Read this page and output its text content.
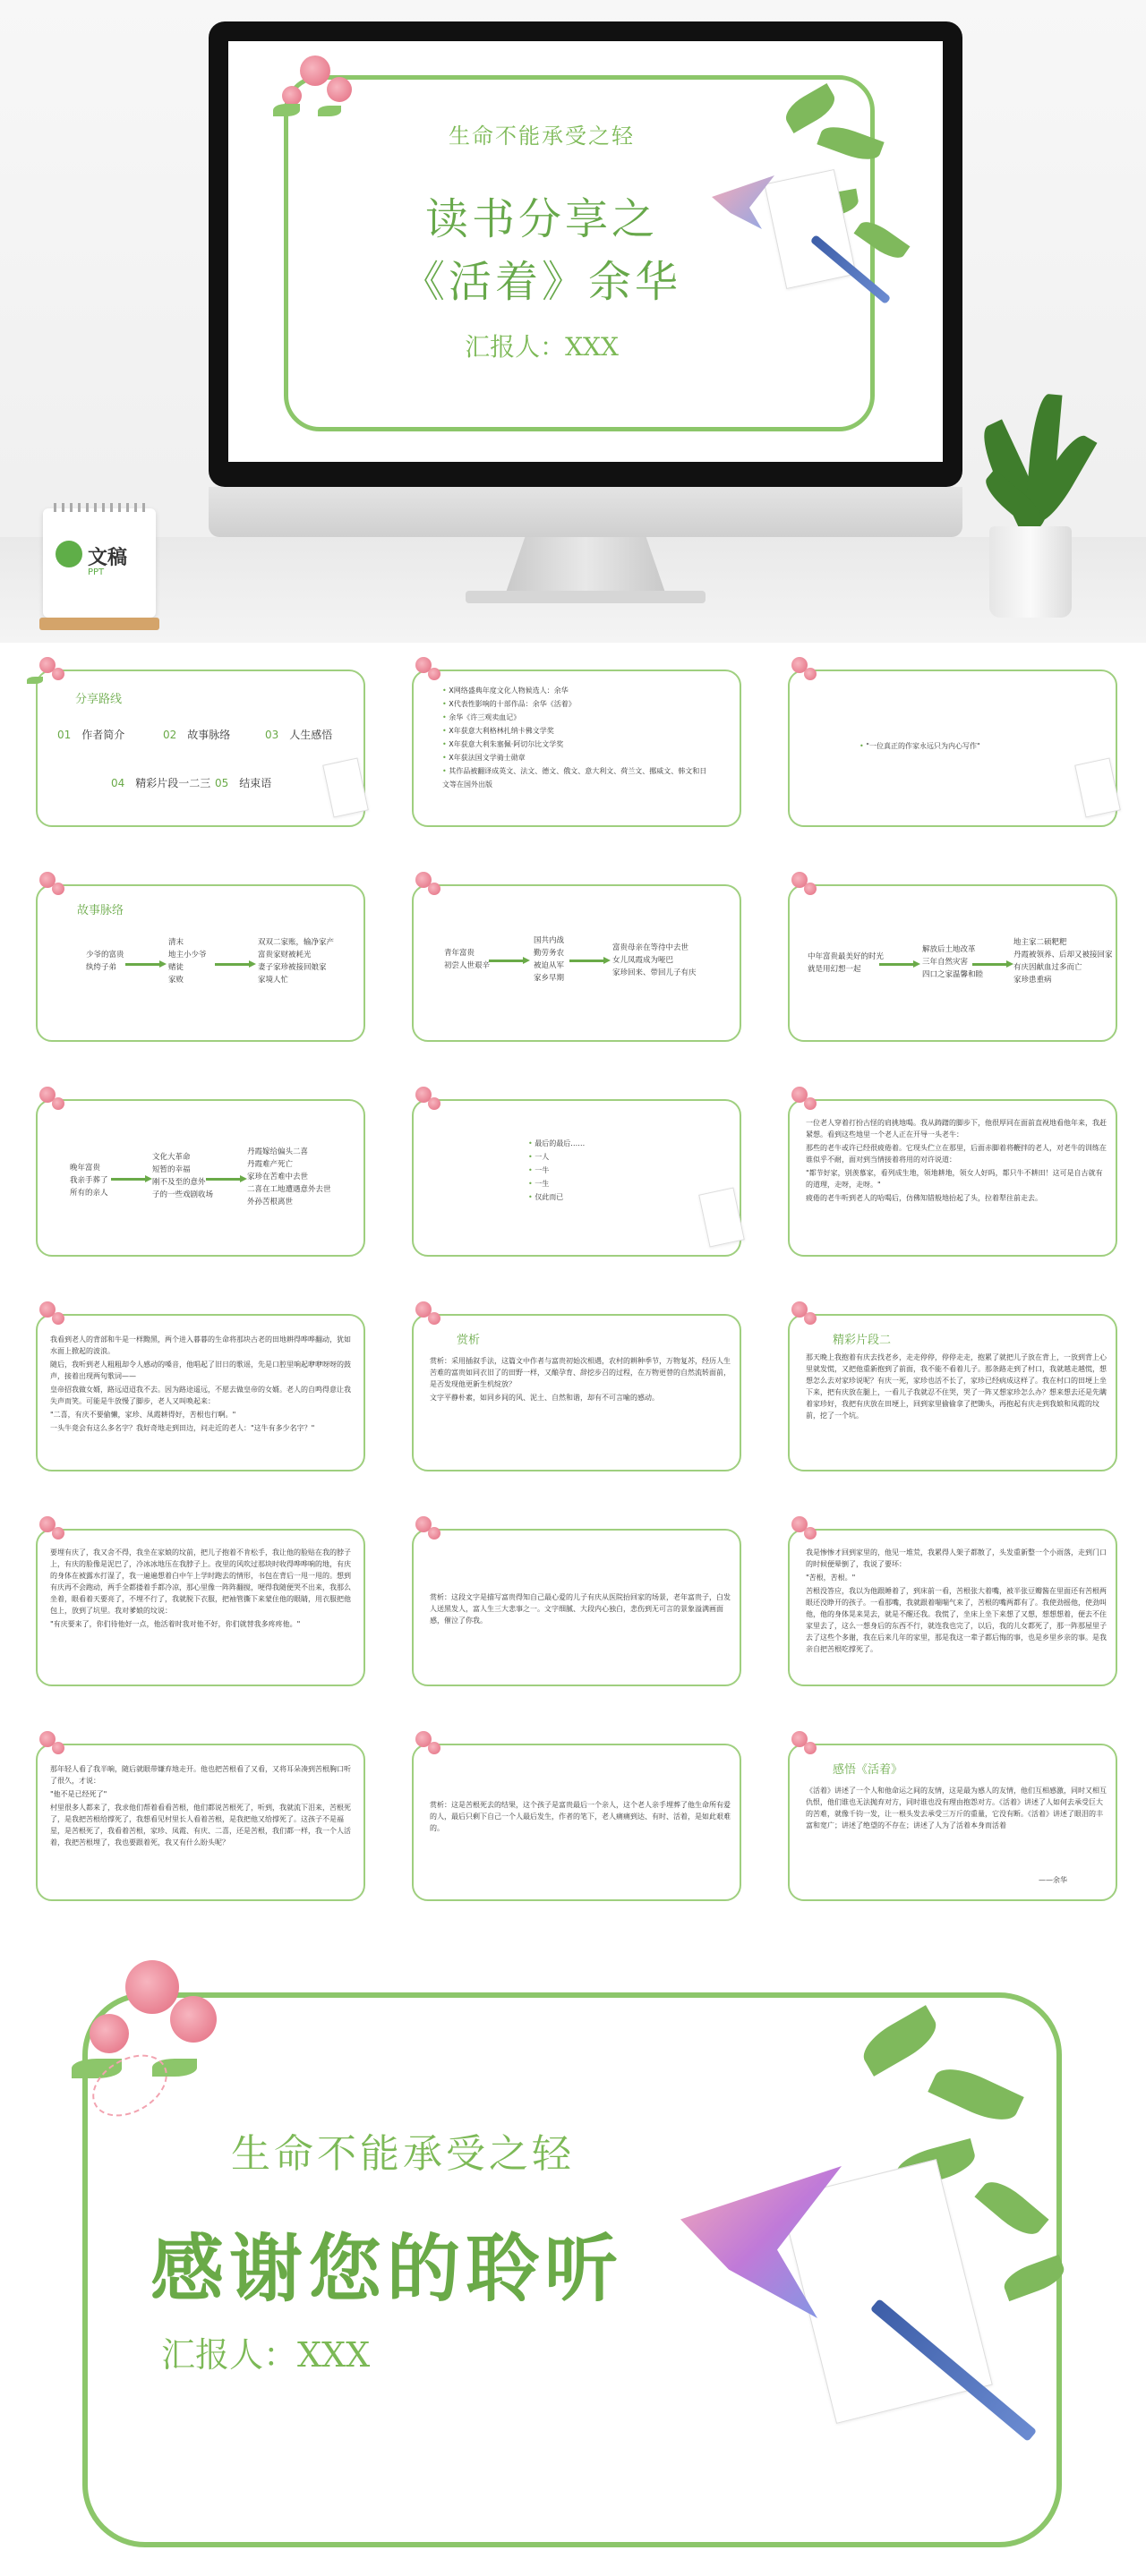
生命不能承受之轻
读书分享之
《活着》余华
汇报人：XXX
文稿
PPT
分享路线
01 作者简介	02 故事脉络	03 人生感悟
04 精彩片段一二三 05 结束语
• X网络盛典年度文化人物候选人：余华
• X代表性影响的十部作品：余华《活着》
• 余华《许三观卖血记》
• X年获意大利格林扎纳卡佛文学奖
• X年获意大利朱塞佩·阿切尔比文学奖
• X年获法国文学骑士勋章
• 其作品被翻译成英文、法文、德文、俄文、意大利文、荷兰文、挪威文、韩文和日文等在国外出版
• "一位真正的作家永远只为内心写作"
故事脉络
少爷的富贵
纨绔子弟
清末
地主小少爷
赌徒
家败
双双二家账，输净家产
富贵家财被耗光
妻子家珍被接回娘家
家境人忙
青年富贵
初尝人世艰辛
国共内战
勤劳务农
被迫从军
家乡早期
富贵母亲在等待中去世
女儿凤霞成为哑巴
家珍回来、带回儿子有庆
中年富贵最美好的时光
就是用幻想一起
解放后土地改革
三年自然灾害
四口之家温馨和睦
地主家二硕粑粑
丹霞被领养、后却又被接回家
有庆因献血过多而亡
家珍患重病
晚年富贵
我亲手葬了
所有的亲人
文化大革命
短暂的幸福
刚不及至的意外
子的一些戏剧收场
丹霞嫁给偏头二喜
丹霞难产死亡
家珍在苦难中去世
二喜在工地遭遇意外去世
外孙苦根离世
• 最后的最后……
• 一人
• 一牛
• 一生
• 仅此而已

一位老人穿着打扮古怪的肩挑地喝。我从踌躇的脚步下，他很厚同在面前直视地看他年来，我赶紧想。看到这些地里一个老人正在开导一头老牛：

那些的老牛或许已经很疲倦着。它现头伫立在那里，后面赤脚着将鞭拌的老人，对老牛的训练在谁似乎不耐，面对到当情接着将用的对许说道：

"都节好家，别羡慕家，看列成生地，领地耕地，领女人好吗，都只牛不耕田！这可是自古就有的道理，走呀，走呀。"

疲倦的老牛听到老人的哈喝后，仿佛知错般地抬起了头，拉着犁往前走去。

我看到老人的背部和牛是一样黝黑，两个进入暮暮的生命将那块古老的田地耕得哗哗翻动，犹如水面上掀起的波浪。

随后，我听到老人粗粗却令人感动的嗓音，他唱起了旧日的歌谣，先是口腔里响起咿咿呀呀的鼓声，接着出现两句歌词——

皇帝招我做女婿，路远迢迢我不去。因为路途遥远，不愿去做皇帝的女婿。老人的自鸣得意让我失声而笑。可能是牛放慢了脚步，老人又叫唤起来：

"二喜，有庆不要偷懒，家珍、凤霞耕得好，苦根也行啊。"

一头牛竟会有这么多名字？我好奇地走到田边，问走近的老人："这牛有多少名字？"

赏析

赏析：采用插叙手法，这篇文中作者与富贵初始次相遇，农村的耕种季节，万物复苏，经历人生苦难的富贵如同衣旧了的田野一样，又酿孕育、辞挖步召的过程，在万物更替的自然流转面前，是否发现他更新生机绽放？

文字平静朴素，如同乡间的风、泥土、自然和谐，却有不可言喻的感动。

精彩片段二

那天晚上我抱着有庆去找老乡，走走停停，停停走走，抱累了就把儿子放在背上，一放到背上心里就发慌，又把他重新抱到了前面，我不能不看着儿子。那条路走到了村口，我就越走越慌，想想怎么去对家珍说呢？有庆一死，家珍也活不长了，家珍已经病成这样了。我在村口的田埂上坐下来，把有庆放在腿上，一看儿子我就忍不住哭，哭了一阵又想家珍怎么办？想来想去还是先瞒着家珍好，我把有庆放在田埂上，回到家里偷偷拿了把锄头，再抱起有庆走到我娘和凤霞的坟前，挖了一个坑。

要埋有庆了，我又舍不得，我坐在家娘的坟前，把儿子抱着不肯松手，我让他的脸贴在我的脖子上，有庆的脸像是泥巴了，冷冰冰地压在我脖子上。夜里的风吹过那块时收得哗哗响的地，有庆的身体在被露水打湿了，我一遍遍想着白中午上学时跑去的情形，书包在背后一甩一甩的。想到有庆再不会跑动，两手全都搂着手都冷凉，那心里像一阵阵翻搅，哽得我随便哭不出来，我那么坐着，眼看着天要亮了，不埋不行了，我就脱下衣服，把袖管撕下来蒙住他的眼睛，用衣服把他包上，放到了坑里。我对爹娘的坟说：

"有庆要来了，你们待他好一点，他活着时我对他不好，你们就替我多疼疼他。"

赏析：这段文字是描写富贵得知自己最心爱的儿子有庆从医院抬回家的场景，老年富贵子，白发人送黑发人，富人生三大悲事之一。文字细腻、大段内心独白，悲伤到无可言的景象溢满画面感，催泣了你我。

我是惨惨才回到家里的，他见一堆荒，我累得人架子都散了，头发重新整一个小雨落，走到门口的时候便晕倒了，我说了要坏：

"苦根，苦根。"

苦根没答应，我以为他跟睡着了，到床前一看，苦根张大着嘴，被半张豆瓣酱在里面还有苦根两眼还没睁开的孩子。一看那嘴，我就跟着喘喘气来了，苦根的嘴两都有了。我使劲摇他，使劲叫他，他的身体晃来晃去，就是不醒还我。我慌了，坐床上坐下来想了又想，想想想着，便去不住家里去了，这么一想身后的东西不行，就连我也完了，以后，我的儿女都死了，那一阵那屋里子去了这些个多谢，我在后来几年的家里，那是我这一辈子都后悔的事，也是乡里乡亲的事。是我亲自把苦根吃撑死了。

那年轻人看了我半晌，随后就眼带嫌弃地走开。他也把苦根看了又看，又将耳朵凑到苦根胸口听了很久，才说：

"他不是已经死了"

村里很多人都来了，我求他们帮着看看苦根，他们都说苦根死了，听到，我就流下泪来，苦根死了，是我把苦根给撑死了，我想看见村里长人看着苦根，是我把他又给撑死了。这孩子不是福星，是苦根死了，我看着苦根，家珍、凤霞、有庆、二喜，还是苦根，我们都一样，我一个人活着，我把苦根埋了，我也要跟着死，我又有什么盼头呢？

赏析：这是苦根死去的结果，这个孩子是富贵最后一个亲人，这个老人亲手埋葬了他生命所有爱的人，最后只剩下自己一个人最后发生，作者的笔下，老人痛痛到达、有时、活着，是如此艰难的。

感悟《活着》

《活着》讲述了一个人和他命运之间的友情，这是最为感人的友情，他们互相感激，同时又相互仇恨，他们谁也无法抛弃对方，同时谁也没有理由抱怨对方。《活着》讲述了人如何去承受巨大的苦难，就像千钧一发，让一根头发去承受三万斤的重量，它没有断。《活着》讲述了眼泪的丰富和宽广；讲述了绝望的不存在；讲述了人为了活着本身而活着

——余华
生命不能承受之轻
感谢您的聆听
汇报人：XXX
